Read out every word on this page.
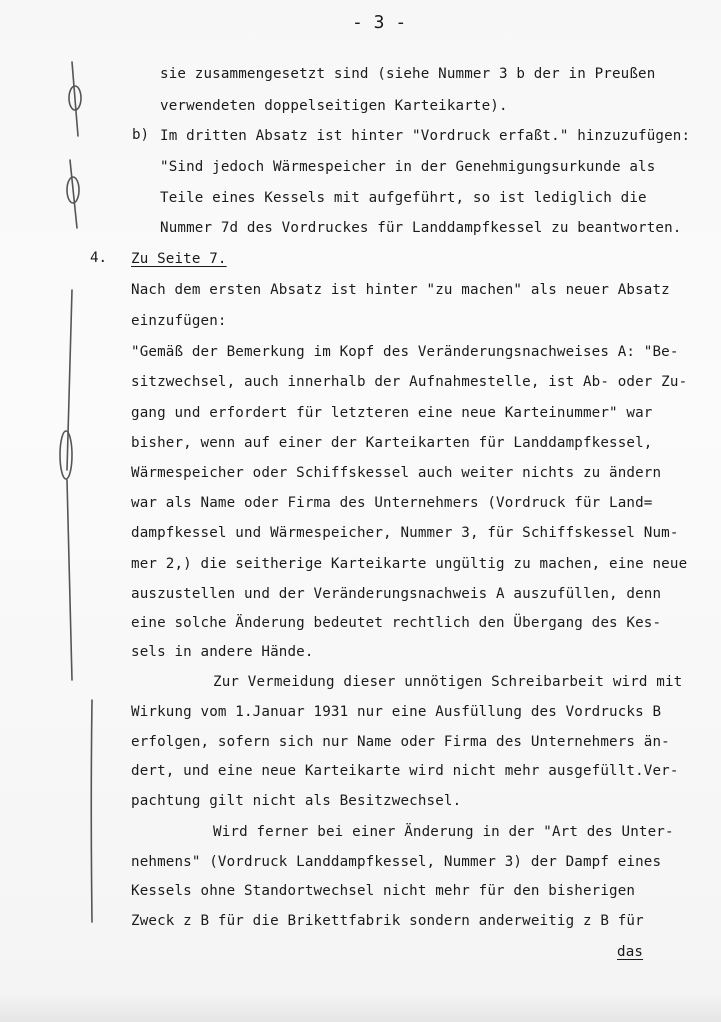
- 3 -
sie zusammengesetzt sind (siehe Nummer 3 b der in Preußen
verwendeten doppelseitigen Karteikarte).
b) Im dritten Absatz ist hinter "Vordruck erfaßt." hinzuzufügen:
"Sind jedoch Wärmespeicher in der Genehmigungsurkunde als
Teile eines Kessels mit aufgeführt, so ist lediglich die
Nummer 7d des Vordruckes für Landdampfkessel zu beantworten.
4. Zu Seite 7.
Nach dem ersten Absatz ist hinter "zu machen" als neuer Absatz
einzufügen:
"Gemäß der Bemerkung im Kopf des Veränderungsnachweises A: "Be-
sitzwechsel, auch innerhalb der Aufnahmestelle, ist Ab- oder Zu-
gang und erfordert für letzteren eine neue Karteinummer" war
bisher, wenn auf einer der Karteikarten für Landdampfkessel,
Wärmespeicher oder Schiffskessel auch weiter nichts zu ändern
war als Name oder Firma des Unternehmers (Vordruck für Land=
dampfkessel und Wärmespeicher, Nummer 3, für Schiffskessel Num-
mer 2,) die seitherige Karteikarte ungültig zu machen, eine neue
auszustellen und der Veränderungsnachweis A auszufüllen, denn
eine solche Änderung bedeutet rechtlich den Übergang des Kes-
sels in andere Hände.
Zur Vermeidung dieser unnötigen Schreibarbeit wird mit
Wirkung vom 1.Januar 1931 nur eine Ausfüllung des Vordrucks B
erfolgen, sofern sich nur Name oder Firma des Unternehmers än-
dert, und eine neue Karteikarte wird nicht mehr ausgefüllt.Ver-
pachtung gilt nicht als Besitzwechsel.
Wird ferner bei einer Änderung in der "Art des Unter-
nehmens" (Vordruck Landdampfkessel, Nummer 3) der Dampf eines
Kessels ohne Standortwechsel nicht mehr für den bisherigen
Zweck z B für die Brikettfabrik sondern anderweitig z B für
das
